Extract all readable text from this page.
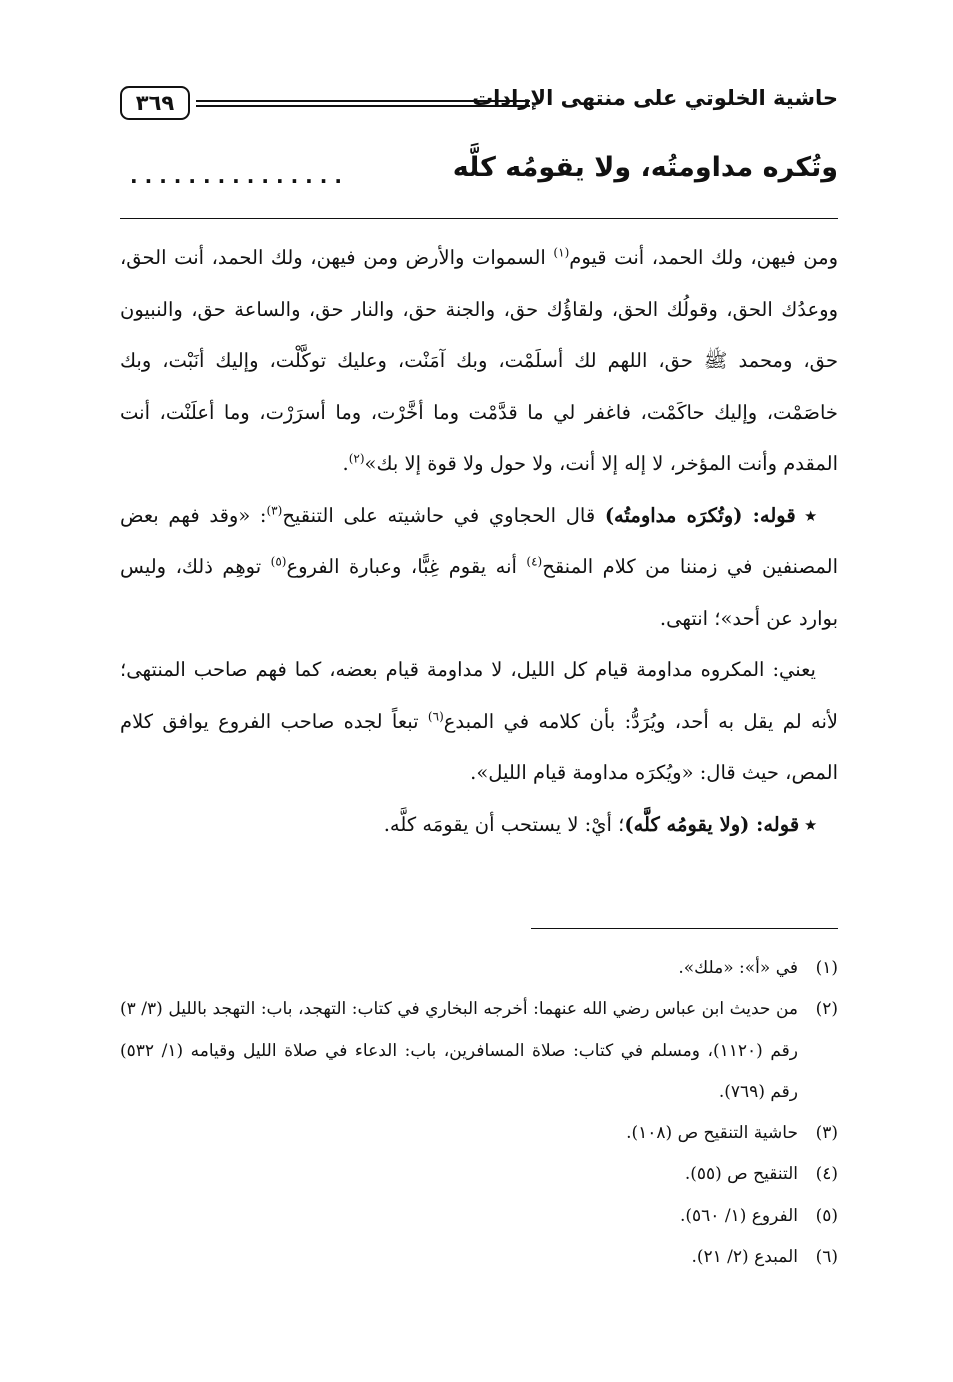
٣٦٩	حاشية الخلوتي على منتهى الإرادات
وتُكره مداومتُه، ولا يقومُه كلَّه
...............

ومن فيهن، ولك الحمد، أنت قيوم$^{(١)}$ السموات والأرض ومن فيهن، ولك الحمد، أنت الحق، ووعدُك الحق، وقولُك الحق، ولقاؤُك حق، والجنة حق، والنار حق، والساعة حق، والنبيون حق، ومحمد ﷺ حق، اللهم لك أسلَمْت، وبك آمَنْت، وعليك توكَّلْت، وإليك أنَبْت، وبك خاصَمْت، وإليك حاكَمْت، فاغفر لي ما قدَّمْت وما أخَّرْت، وما أسرَرْت، وما أعلَنْت، أنت المقدم وأنت المؤخر، لا إله إلا أنت، ولا حول ولا قوة إلا بك»$^{(٢)}$.

٭ قوله: (وتُكرَه مداومتُه) قال الحجاوي في حاشيته على التنقيح$^{(٣)}$: «وقد فهم بعض المصنفين في زمننا من كلام المنقح$^{(٤)}$ أنه يقوم غِبًّا، وعبارة الفروع$^{(٥)}$ توهِم ذلك، وليس بوارد عن أحد»؛ انتهى.

يعني: المكروه مداومة قيام كل الليل، لا مداومة قيام بعضه، كما فهم صاحب المنتهى؛ لأنه لم يقل به أحد، ويُرَدُّ: بأن كلامه في المبدع$^{(٦)}$ تبعاً لجده صاحب الفروع يوافق كلام المص، حيث قال: «ويُكرَه مداومة قيام الليل».

٭ قوله: (ولا يقومُه كلَّه)؛ أيْ: لا يستحب أن يقومَه كلَّه.

(١)
في «أ»: «ملك».
(٢)
من حديث ابن عباس رضي الله عنهما: أخرجه البخاري في كتاب: التهجد، باب: التهجد بالليل (٣/ ٣) رقم (١١٢٠)، ومسلم في كتاب: صلاة المسافرين، باب: الدعاء في صلاة الليل وقيامه (١/ ٥٣٢) رقم (٧٦٩).
(٣)
حاشية التنقيح ص (١٠٨).
(٤)
التنقيح ص (٥٥).
(٥)
الفروع (١/ ٥٦٠).
(٦)
المبدع (٢/ ٢١).
